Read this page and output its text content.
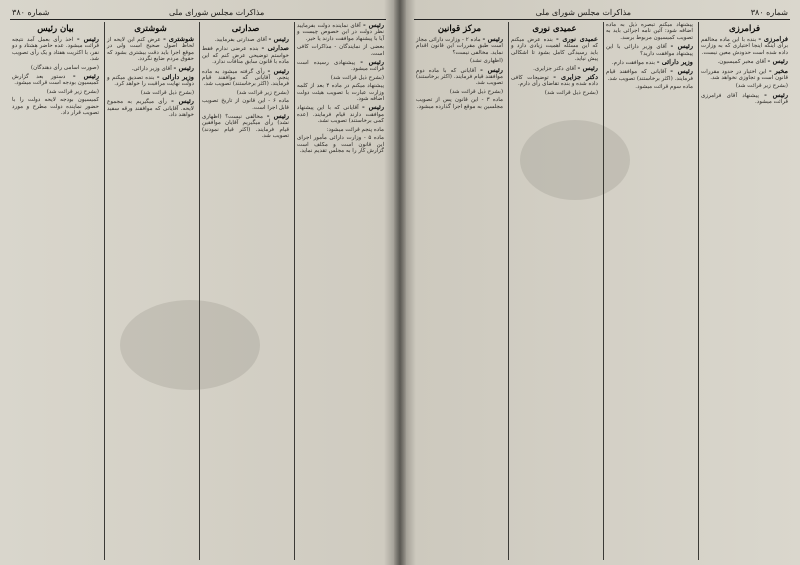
مذاکرات مجلس شورای ملی
شماره ۳۸۰

رئیس - آقای نماینده دولت بفرمایید نظر دولت در این خصوص چیست و آیا با پیشنهاد موافقت دارند یا خیر.

بعضی از نمایندگان - مذاکرات کافی است.

رئیس - پیشنهادی رسیده است قرائت میشود.

(بشرح ذیل قرائت شد)

پیشنهاد میکنم در ماده ۴ بعد از کلمه وزارت عبارت با تصویب هیئت دولت اضافه شود.

رئیس - آقایانی که با این پیشنهاد موافقت دارند قیام فرمایند. (عده کمی برخاستند) تصویب نشد.

ماده پنجم قرائت میشود:

ماده ۵ - وزارت دارائی مأمور اجرای این قانون است و مکلف است گزارش کار را به مجلس تقدیم نماید.

صدارتی

رئیس - آقای صدارتی بفرمایید.

صدارتی - بنده عرضی ندارم فقط خواستم توضیحی عرض کنم که این ماده با قانون سابق منافات ندارد.

رئیس - رأی گرفته میشود به ماده پنجم. آقایانی که موافقند قیام فرمایند. (اکثر برخاستند) تصویب شد.

(بشرح زیر قرائت شد)

ماده ۶ - این قانون از تاریخ تصویب قابل اجرا است.

رئیس - مخالفی نیست؟ (اظهاری نشد) رأی میگیریم آقایان موافقین قیام فرمایند. (اکثر قیام نمودند) تصویب شد.

شوشتری

شوشتری - عرض کنم این لایحه از لحاظ اصول صحیح است ولی در موقع اجرا باید دقت بیشتری بشود که حقوق مردم ضایع نگردد.

رئیس - آقای وزیر دارائی.

وزیر دارائی - بنده تصدیق میکنم و دولت نهایت مراقبت را خواهد کرد.

(بشرح ذیل قرائت شد)

رئیس - رأی میگیریم به مجموع لایحه. آقایانی که موافقند ورقه سفید خواهند داد.

بیان رئیس

رئیس - اخذ رأی بعمل آمد نتیجه قرائت میشود. عده حاضر هشتاد و دو نفر، با اکثریت هفتاد و یک رأی تصویب شد.

(صورت اسامی رأی دهندگان)

رئیس - دستور بعد گزارش کمیسیون بودجه است قرائت میشود.

(بشرح زیر قرائت شد)

کمیسیون بودجه لایحه دولت را با حضور نماینده دولت مطرح و مورد تصویب قرار داد.

شماره ۳۸۰
مذاکرات مجلس شورای ملی
فرامرزی

فرامرزی - بنده با این ماده مخالفم برای اینکه اینجا اختیاری که به وزارت داده شده است حدودش معین نیست.

رئیس - آقای مخبر کمیسیون.

مخبر - این اختیار در حدود مقررات قانون است و تجاوزی نخواهد شد.

(بشرح زیر قرائت شد)

رئیس - پیشنهاد آقای فرامرزی قرائت میشود.

پیشنهاد میکنم تبصره ذیل به ماده اضافه شود: آئین نامه اجرائی باید به تصویب کمیسیون مربوط برسد.

رئیس - آقای وزیر دارائی با این پیشنهاد موافقت دارید؟

وزیر دارائی - بنده موافقت دارم.

رئیس - آقایانی که موافقند قیام فرمایند. (اکثر برخاستند) تصویب شد.

ماده سوم قرائت میشود.

عمیدی نوری

عمیدی نوری - بنده عرض میکنم که این مسئله اهمیت زیادی دارد و باید رسیدگی کامل بشود تا اشکالی پیش نیاید.

رئیس - آقای دکتر جزایری.

دکتر جزایری - توضیحات کافی داده شده و بنده تقاضای رأی دارم.

(بشرح ذیل قرائت شد)

مرکز قوانین

رئیس - ماده ۲ - وزارت دارائی مجاز است طبق مقررات این قانون اقدام نماید. مخالفی نیست؟

(اظهاری نشد)

رئیس - آقایانی که با ماده دوم موافقند قیام فرمایند. (اکثر برخاستند) تصویب شد.

(بشرح ذیل قرائت شد)

ماده ۳ - این قانون پس از تصویب مجلسین به موقع اجرا گذارده میشود.
